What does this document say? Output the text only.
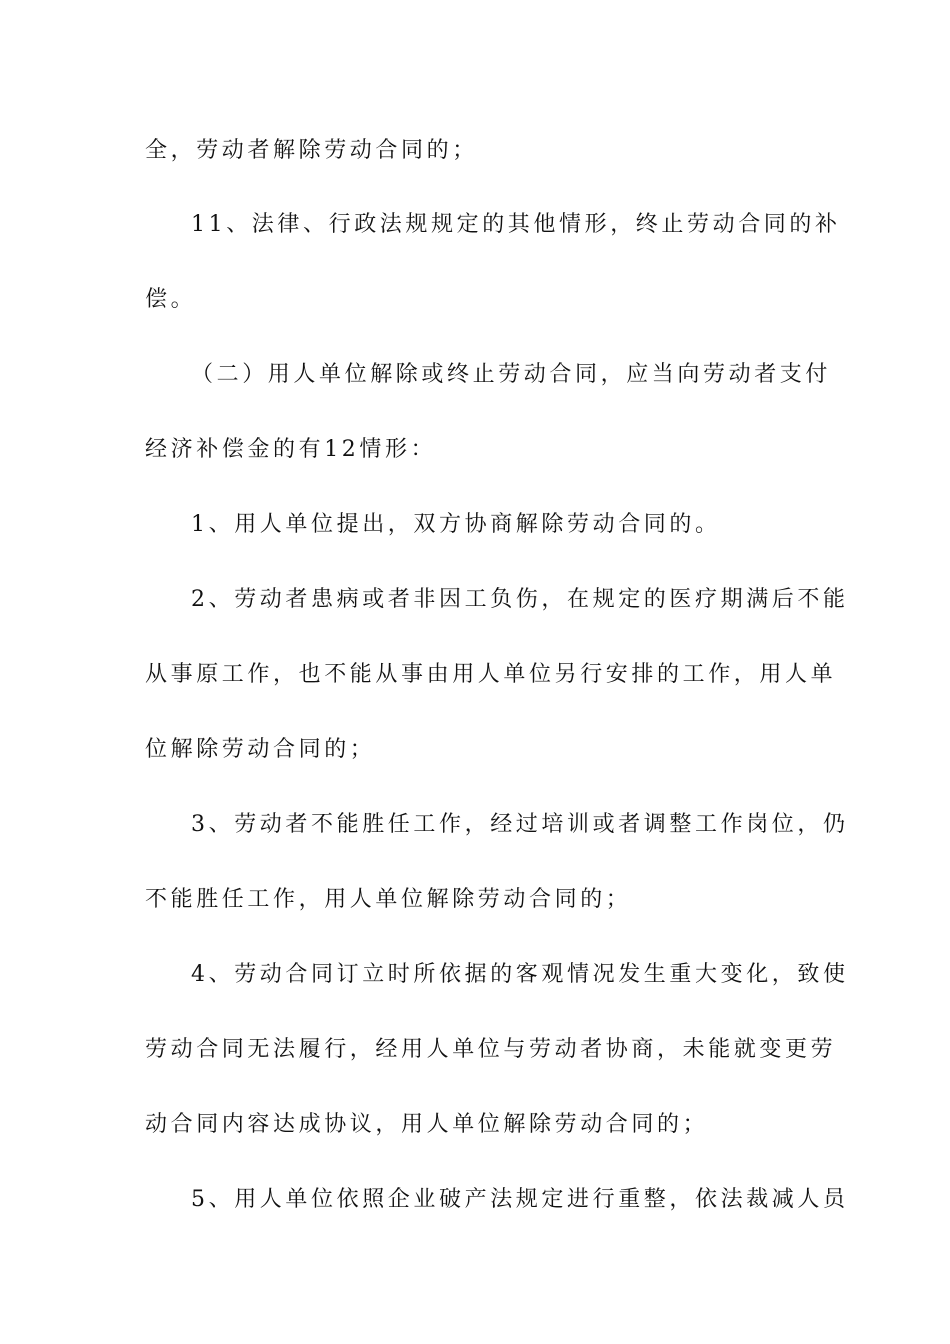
全，劳动者解除劳动合同的；
11、法律、行政法规规定的其他情形，终止劳动合同的补
偿。
（二）用人单位解除或终止劳动合同，应当向劳动者支付
经济补偿金的有12情形：
1、用人单位提出，双方协商解除劳动合同的。
2、劳动者患病或者非因工负伤，在规定的医疗期满后不能
从事原工作，也不能从事由用人单位另行安排的工作，用人单
位解除劳动合同的；
3、劳动者不能胜任工作，经过培训或者调整工作岗位，仍
不能胜任工作，用人单位解除劳动合同的；
4、劳动合同订立时所依据的客观情况发生重大变化，致使
劳动合同无法履行，经用人单位与劳动者协商，未能就变更劳
动合同内容达成协议，用人单位解除劳动合同的；
5、用人单位依照企业破产法规定进行重整，依法裁减人员
